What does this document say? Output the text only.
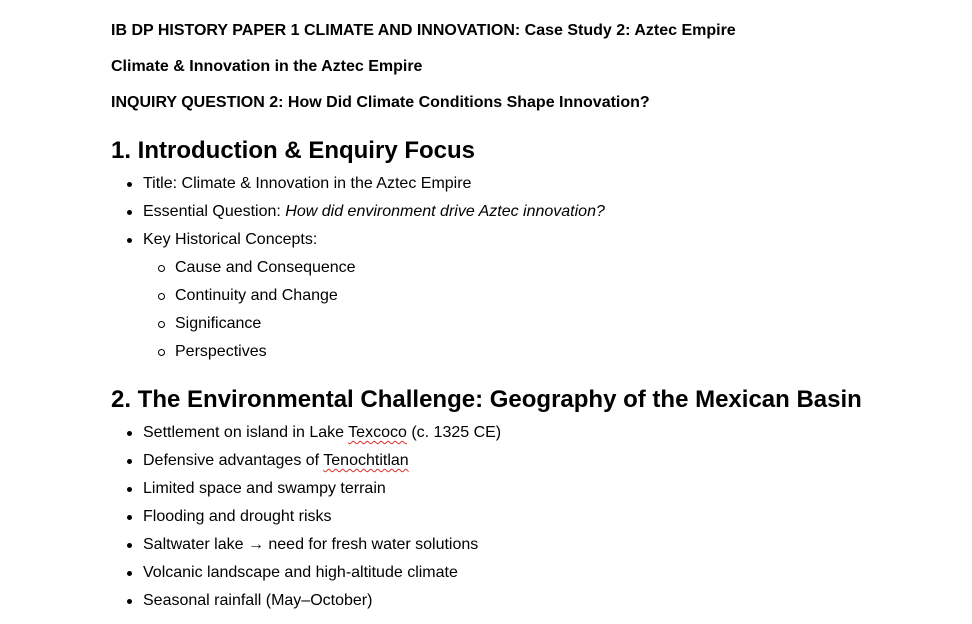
IB DP HISTORY PAPER 1 CLIMATE AND INNOVATION: Case Study 2: Aztec Empire

Climate & Innovation in the Aztec Empire

INQUIRY QUESTION 2: How Did Climate Conditions Shape Innovation?

1. Introduction & Enquiry Focus
Title: Climate & Innovation in the Aztec Empire
Essential Question: How did environment drive Aztec innovation?
Key Historical Concepts:
Cause and Consequence
Continuity and Change
Significance
Perspectives
2. The Environmental Challenge: Geography of the Mexican Basin
Settlement on island in Lake Texcoco (c. 1325 CE)
Defensive advantages of Tenochtitlan
Limited space and swampy terrain
Flooding and drought risks
Saltwater lake → need for fresh water solutions
Volcanic landscape and high-altitude climate
Seasonal rainfall (May–October)
